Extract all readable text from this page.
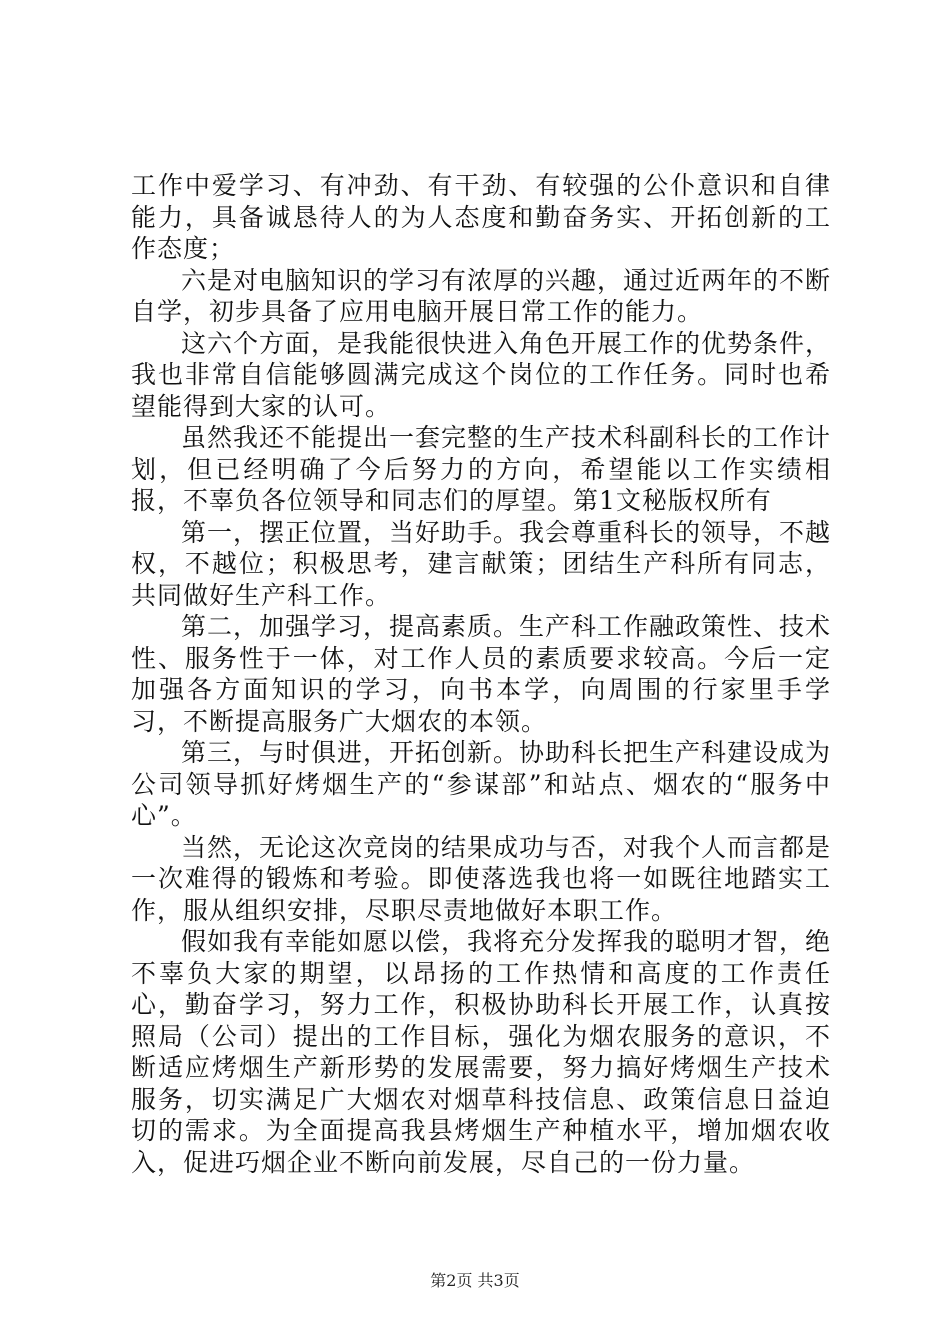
工作中爱学习、有冲劲、有干劲、有较强的公仆意识和自律能力，具备诚恳待人的为人态度和勤奋务实、开拓创新的工作态度；

六是对电脑知识的学习有浓厚的兴趣，通过近两年的不断自学，初步具备了应用电脑开展日常工作的能力。

这六个方面，是我能很快进入角色开展工作的优势条件，我也非常自信能够圆满完成这个岗位的工作任务。同时也希望能得到大家的认可。

虽然我还不能提出一套完整的生产技术科副科长的工作计划，但已经明确了今后努力的方向，希望能以工作实绩相报，不辜负各位领导和同志们的厚望。第1文秘版权所有

第一，摆正位置，当好助手。我会尊重科长的领导，不越权，不越位；积极思考，建言献策；团结生产科所有同志，共同做好生产科工作。

第二，加强学习，提高素质。生产科工作融政策性、技术性、服务性于一体，对工作人员的素质要求较高。今后一定加强各方面知识的学习，向书本学，向周围的行家里手学习，不断提高服务广大烟农的本领。

第三，与时俱进，开拓创新。协助科长把生产科建设成为公司领导抓好烤烟生产的“参谋部”和站点、烟农的“服务中心”。

当然，无论这次竞岗的结果成功与否，对我个人而言都是一次难得的锻炼和考验。即使落选我也将一如既往地踏实工作，服从组织安排，尽职尽责地做好本职工作。

假如我有幸能如愿以偿，我将充分发挥我的聪明才智，绝不辜负大家的期望，以昂扬的工作热情和高度的工作责任心，勤奋学习，努力工作，积极协助科长开展工作，认真按照局（公司）提出的工作目标，强化为烟农服务的意识，不断适应烤烟生产新形势的发展需要，努力搞好烤烟生产技术服务，切实满足广大烟农对烟草科技信息、政策信息日益迫切的需求。为全面提高我县烤烟生产种植水平，增加烟农收入，促进巧烟企业不断向前发展，尽自己的一份力量。

第2页 共3页
